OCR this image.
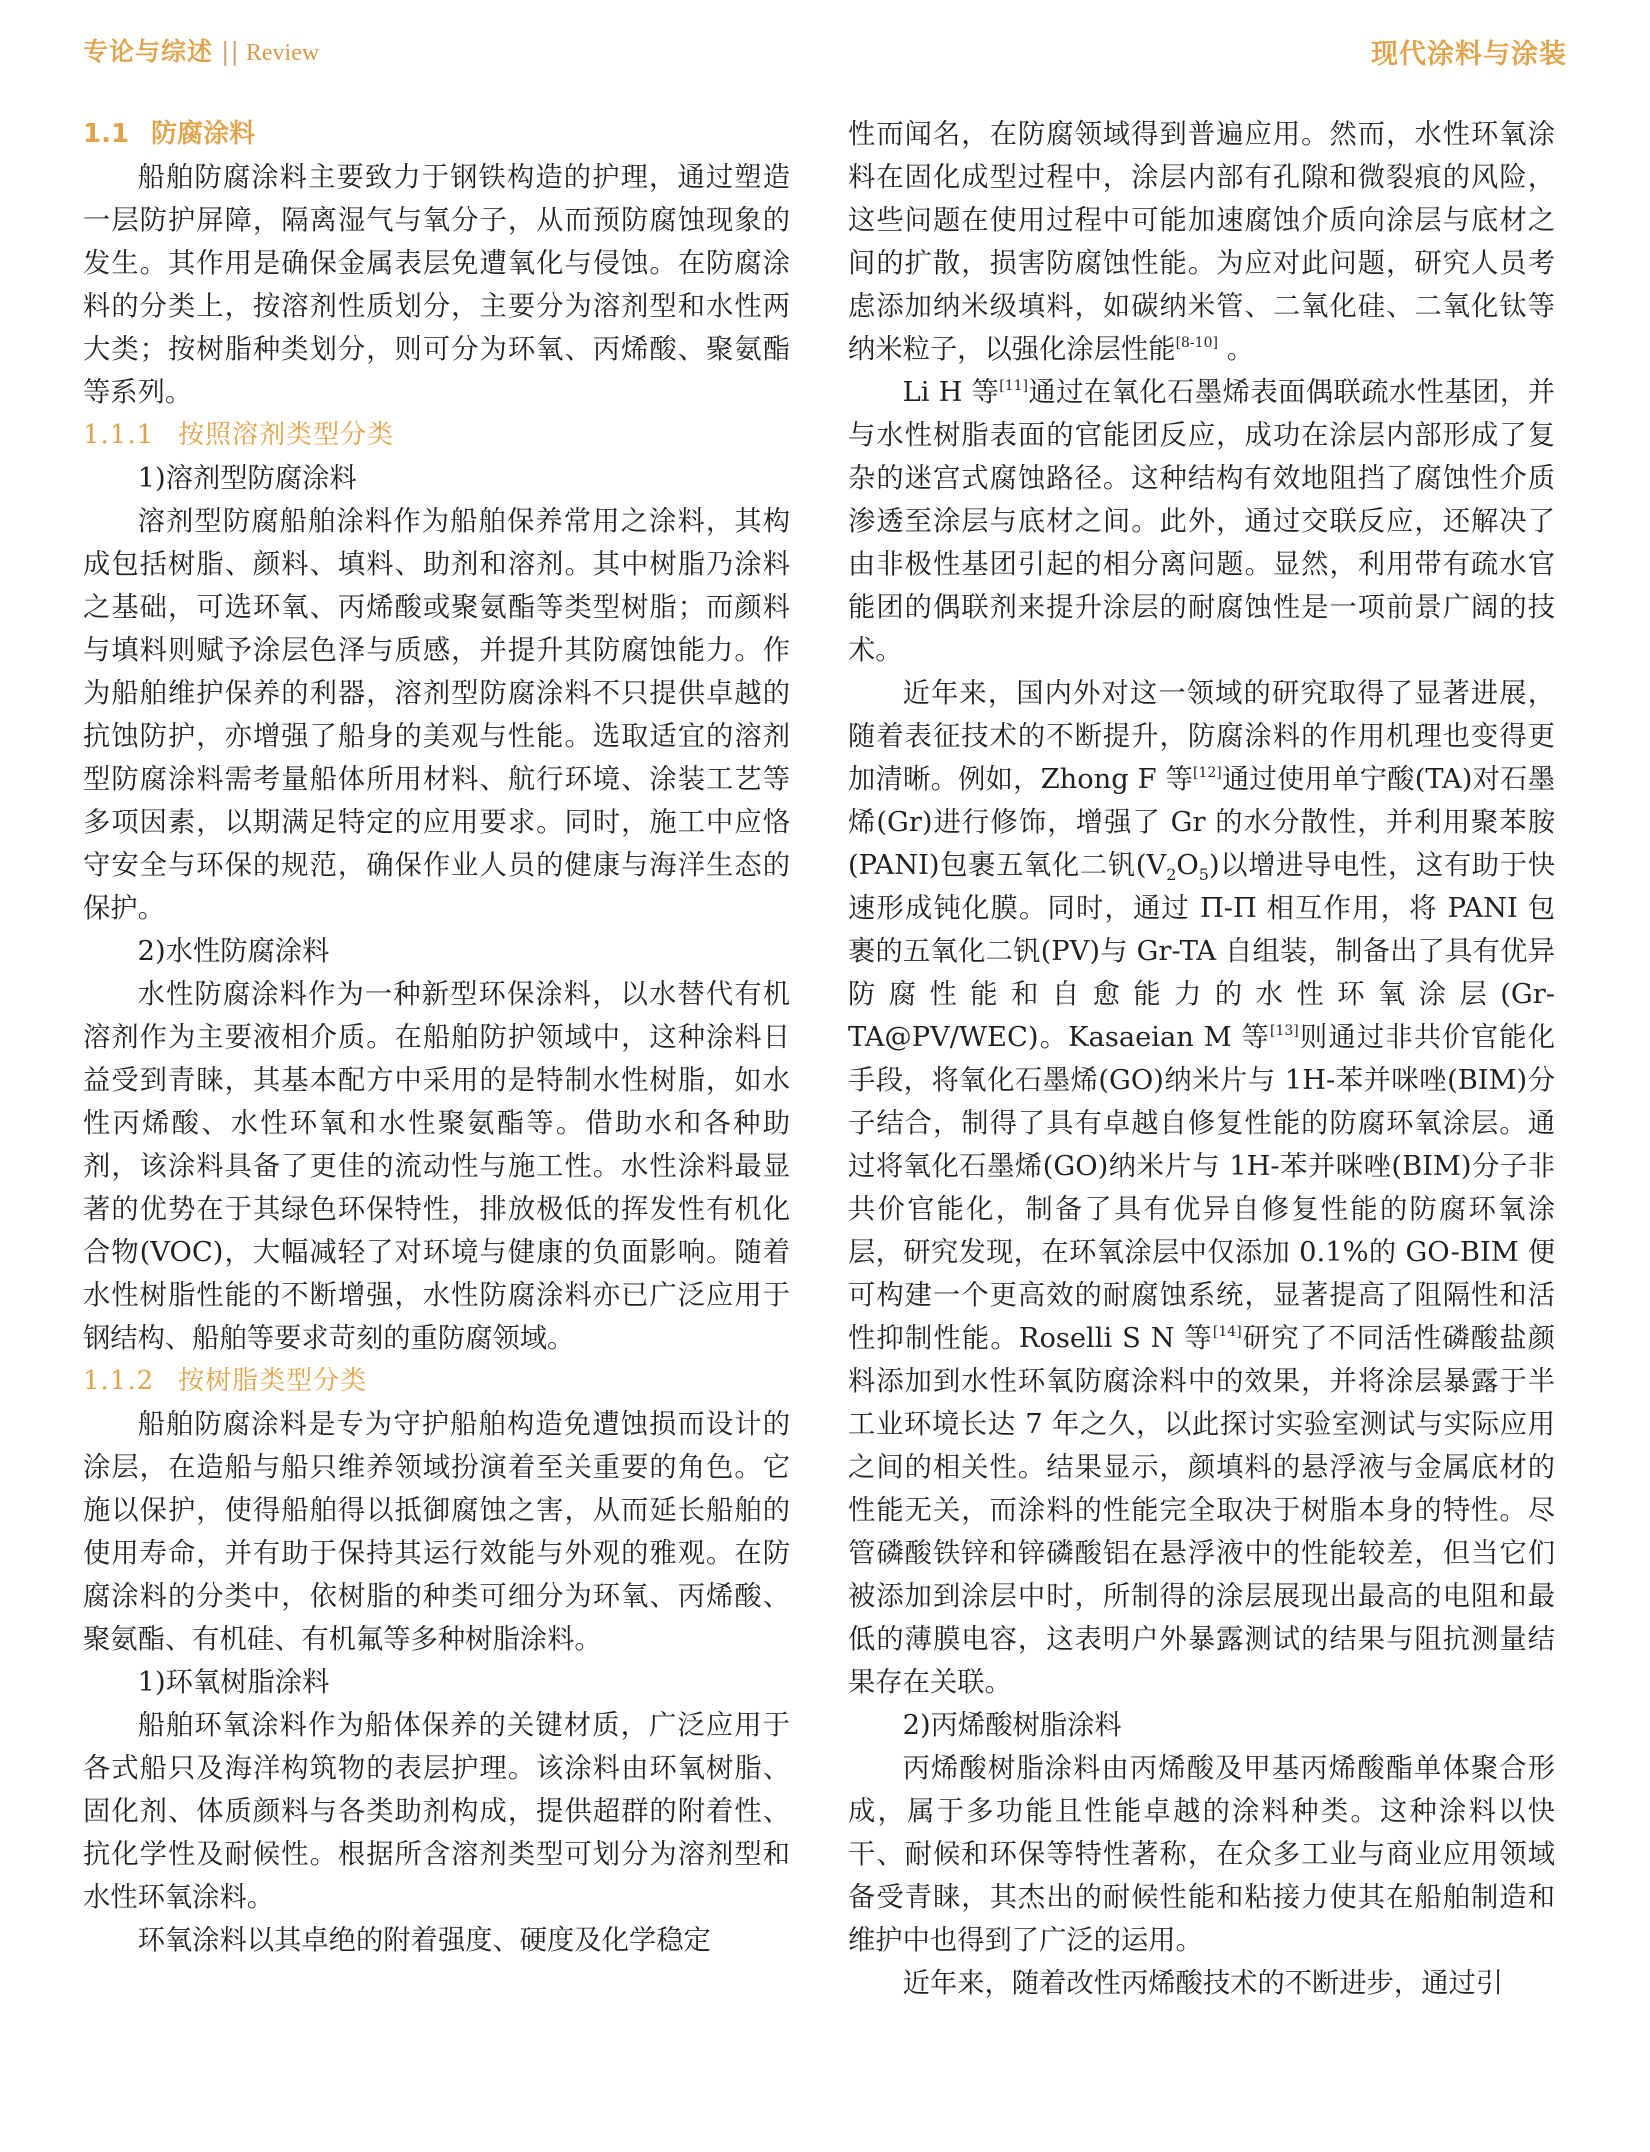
专论与综述 || Review	现代涂料与涂装

1.1 防腐涂料

船舶防腐涂料主要致力于钢铁构造的护理，通过塑造一层防护屏障，隔离湿气与氧分子，从而预防腐蚀现象的发生。其作用是确保金属表层免遭氧化与侵蚀。在防腐涂料的分类上，按溶剂性质划分，主要分为溶剂型和水性两大类；按树脂种类划分，则可分为环氧、丙烯酸、聚氨酯等系列。

1.1.1 按照溶剂类型分类

1)溶剂型防腐涂料

溶剂型防腐船舶涂料作为船舶保养常用之涂料，其构成包括树脂、颜料、填料、助剂和溶剂。其中树脂乃涂料之基础，可选环氧、丙烯酸或聚氨酯等类型树脂；而颜料与填料则赋予涂层色泽与质感，并提升其防腐蚀能力。作为船舶维护保养的利器，溶剂型防腐涂料不只提供卓越的抗蚀防护，亦增强了船身的美观与性能。选取适宜的溶剂型防腐涂料需考量船体所用材料、航行环境、涂装工艺等多项因素，以期满足特定的应用要求。同时，施工中应恪守安全与环保的规范，确保作业人员的健康与海洋生态的保护。

2)水性防腐涂料

水性防腐涂料作为一种新型环保涂料，以水替代有机溶剂作为主要液相介质。在船舶防护领域中，这种涂料日益受到青睐，其基本配方中采用的是特制水性树脂，如水性丙烯酸、水性环氧和水性聚氨酯等。借助水和各种助剂，该涂料具备了更佳的流动性与施工性。水性涂料最显著的优势在于其绿色环保特性，排放极低的挥发性有机化合物(VOC)，大幅减轻了对环境与健康的负面影响。随着水性树脂性能的不断增强，水性防腐涂料亦已广泛应用于钢结构、船舶等要求苛刻的重防腐领域。

1.1.2 按树脂类型分类

船舶防腐涂料是专为守护船舶构造免遭蚀损而设计的涂层，在造船与船只维养领域扮演着至关重要的角色。它施以保护，使得船舶得以抵御腐蚀之害，从而延长船舶的使用寿命，并有助于保持其运行效能与外观的雅观。在防腐涂料的分类中，依树脂的种类可细分为环氧、丙烯酸、聚氨酯、有机硅、有机氟等多种树脂涂料。

1)环氧树脂涂料

船舶环氧涂料作为船体保养的关键材质，广泛应用于各式船只及海洋构筑物的表层护理。该涂料由环氧树脂、固化剂、体质颜料与各类助剂构成，提供超群的附着性、抗化学性及耐候性。根据所含溶剂类型可划分为溶剂型和水性环氧涂料。

环氧涂料以其卓绝的附着强度、硬度及化学稳定

性而闻名，在防腐领域得到普遍应用。然而，水性环氧涂料在固化成型过程中，涂层内部有孔隙和微裂痕的风险，这些问题在使用过程中可能加速腐蚀介质向涂层与底材之间的扩散，损害防腐蚀性能。为应对此问题，研究人员考虑添加纳米级填料，如碳纳米管、二氧化硅、二氧化钛等纳米粒子，以强化涂层性能[8-10] 。

Li H 等[11]通过在氧化石墨烯表面偶联疏水性基团，并与水性树脂表面的官能团反应，成功在涂层内部形成了复杂的迷宫式腐蚀路径。这种结构有效地阻挡了腐蚀性介质渗透至涂层与底材之间。此外，通过交联反应，还解决了由非极性基团引起的相分离问题。显然，利用带有疏水官能团的偶联剂来提升涂层的耐腐蚀性是一项前景广阔的技术。

近年来，国内外对这一领域的研究取得了显著进展，随着表征技术的不断提升，防腐涂料的作用机理也变得更加清晰。例如，Zhong F 等[12]通过使用单宁酸(TA)对石墨烯(Gr)进行修饰，增强了 Gr 的水分散性，并利用聚苯胺(PANI)包裹五氧化二钒$(V_2O_5)$以增进导电性，这有助于快速形成钝化膜。同时，通过 Π-Π 相互作用，将 PANI 包裹的五氧化二钒(PV)与 Gr-TA 自组装，制备出了具有优异防腐性能和自愈能力的水性环氧涂层(Gr-TA@PV/WEC)。Kasaeian M 等[13]则通过非共价官能化手段，将氧化石墨烯(GO)纳米片与 1H-苯并咪唑(BIM)分子结合，制得了具有卓越自修复性能的防腐环氧涂层。通过将氧化石墨烯(GO)纳米片与 1H-苯并咪唑(BIM)分子非共价官能化，制备了具有优异自修复性能的防腐环氧涂层，研究发现，在环氧涂层中仅添加 0.1%的 GO-BIM 便可构建一个更高效的耐腐蚀系统，显著提高了阻隔性和活性抑制性能。Roselli S N 等[14]研究了不同活性磷酸盐颜料添加到水性环氧防腐涂料中的效果，并将涂层暴露于半工业环境长达 7 年之久，以此探讨实验室测试与实际应用之间的相关性。结果显示，颜填料的悬浮液与金属底材的性能无关，而涂料的性能完全取决于树脂本身的特性。尽管磷酸铁锌和锌磷酸铝在悬浮液中的性能较差，但当它们被添加到涂层中时，所制得的涂层展现出最高的电阻和最低的薄膜电容，这表明户外暴露测试的结果与阻抗测量结果存在关联。

2)丙烯酸树脂涂料

丙烯酸树脂涂料由丙烯酸及甲基丙烯酸酯单体聚合形成，属于多功能且性能卓越的涂料种类。这种涂料以快干、耐候和环保等特性著称，在众多工业与商业应用领域备受青睐，其杰出的耐候性能和粘接力使其在船舶制造和维护中也得到了广泛的运用。

近年来，随着改性丙烯酸技术的不断进步，通过引
